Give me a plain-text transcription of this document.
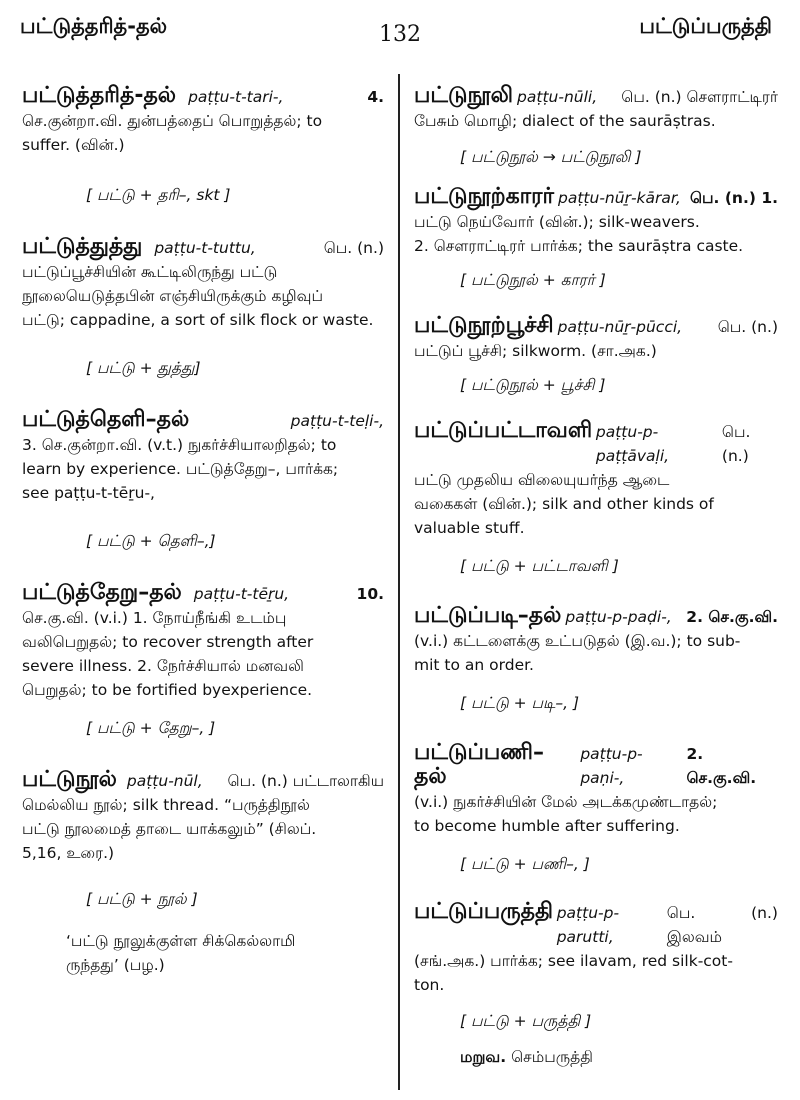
பட்டுத்தரித்-தல்	132	பட்டுப்பருத்தி

பட்டுத்தரித்-தல் paṭṭu-t-tari-,	4.

செ.குன்றா.வி. துன்பத்தைப் பொறுத்தல்; to

suffer. (வின்.)

[ பட்டு + தரி–, skt ]

பட்டுத்துத்து paṭṭu-t-tuttu,	பெ. (n.)

பட்டுப்பூச்சியின் கூட்டிலிருந்து பட்டு

நூலையெடுத்தபின் எஞ்சியிருக்கும் கழிவுப்

பட்டு; cappadine, a sort of silk flock or waste.

[ பட்டு + துத்து]

பட்டுத்தெளி–தல்	paṭṭu-t-teḷi-,

3. செ.குன்றா.வி. (v.t.) நுகர்ச்சியாலறிதல்; to

learn by experience. பட்டுத்தேறு–, பார்க்க;

see paṭṭu-t-tēṟu-,

[ பட்டு + தெளி–,]

பட்டுத்தேறு–தல் paṭṭu-t-tēṟu,	10.

செ.கு.வி. (v.i.) 1. நோய்நீங்கி உடம்பு

வலிபெறுதல்; to recover strength after

severe illness. 2. நேர்ச்சியால் மனவலி

பெறுதல்; to be fortified byexperience.

[ பட்டு + தேறு–, ]

பட்டுநூல் paṭṭu-nūl, பெ. (n.) பட்டாலாகிய

மெல்லிய நூல்; silk thread. “பருத்திநூல்

பட்டு நூலமைத் தாடை யாக்கலும்” (சிலப்.

5,16, உரை.)

[ பட்டு + நூல் ]

‘பட்டு நூலுக்குள்ள சிக்கெல்லாமி

ருந்தது’ (பழ.)

பட்டுநூலி paṭṭu-nūli, பெ. (n.) சௌராட்டிரர்

பேசும் மொழி; dialect of the saurāṣtras.

[ பட்டுநூல் → பட்டுநூலி ]

பட்டுநூற்காரர் paṭṭu-nūṟ-kārar, பெ. (n.) 1.

பட்டு நெய்வோர் (வின்.); silk-weavers.

2. சௌராட்டிரர் பார்க்க; the saurāṣtra caste.

[ பட்டுநூல் + காரர் ]

பட்டுநூற்பூச்சி paṭṭu-nūṟ-pūcci, பெ. (n.)

பட்டுப் பூச்சி; silkworm. (சா.அக.)

[ பட்டுநூல் + பூச்சி ]

பட்டுப்பட்டாவளி paṭṭu-p-paṭṭāvaḷi,
பெ. (n.)

பட்டு முதலிய விலையுயர்ந்த ஆடை

வகைகள் (வின்.); silk and other kinds of

valuable stuff.

[ பட்டு + பட்டாவளி ]

பட்டுப்படி–தல் paṭṭu-p-paḍi-, 2. செ.கு.வி.

(v.i.) கட்டளைக்கு உட்படுதல் (இ.வ.); to sub-

mit to an order.

[ பட்டு + படி–, ]

பட்டுப்பணி–தல்
paṭṭu-p-paṇi-,
2. செ.கு.வி.

(v.i.) நுகர்ச்சியின் மேல் அடக்கமுண்டாதல்;

to become humble after suffering.

[ பட்டு + பணி–, ]

பட்டுப்பருத்தி paṭṭu-p-parutti,
பெ. (n.) இலவம்

(சங்.அக.) பார்க்க; see ilavam, red silk-cot-

ton.

[ பட்டு + பருத்தி ]

மறுவ. செம்பருத்தி
